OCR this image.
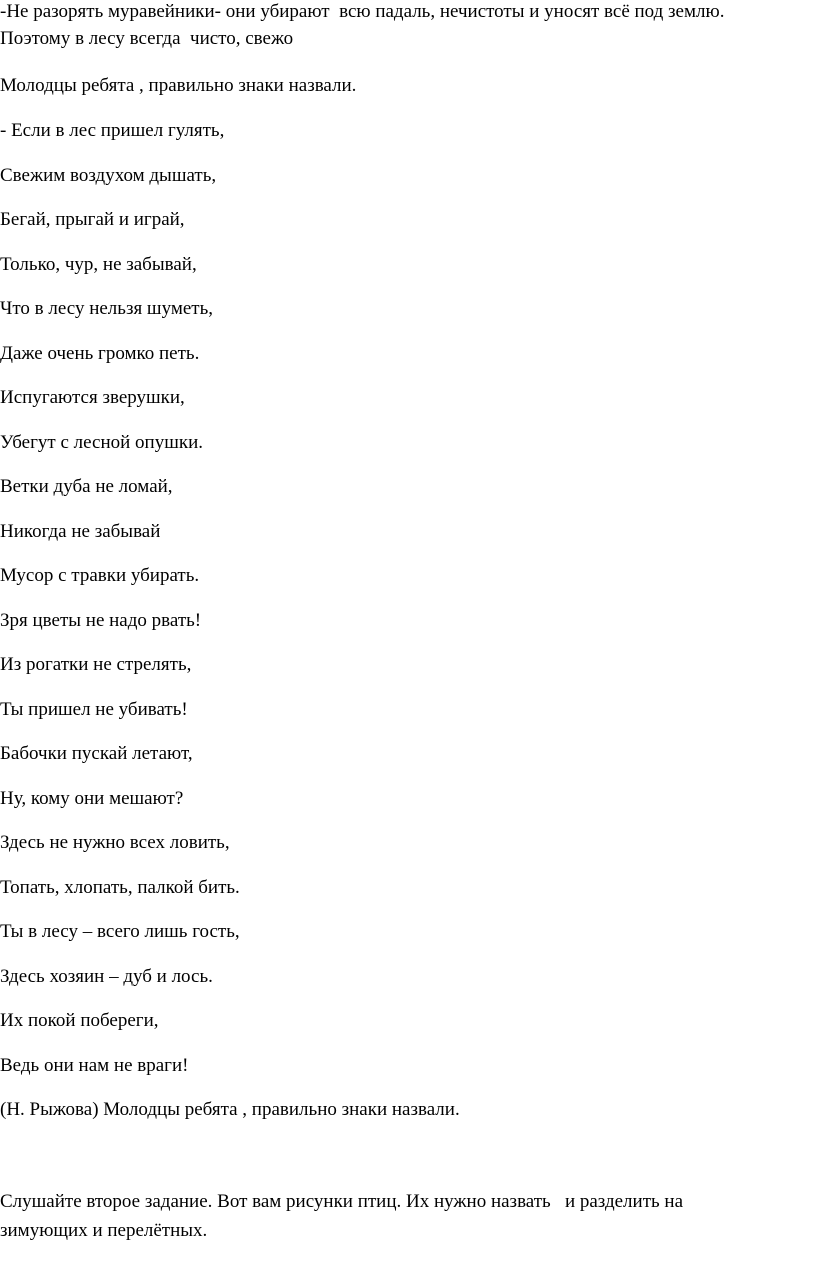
-Не разорять муравейники- они убирают  всю падаль, нечистоты и уносят всё под землю.

Поэтому в лесу всегда  чисто, свежо

Молодцы ребята , правильно знаки назвали.

- Если в лес пришел гулять,

Свежим воздухом дышать,

Бегай, прыгай и играй,

Только, чур, не забывай,

Что в лесу нельзя шуметь,

Даже очень громко петь.

Испугаются зверушки,

Убегут с лесной опушки.

Ветки дуба не ломай,

Никогда не забывай

Мусор с травки убирать.

Зря цветы не надо рвать!

Из рогатки не стрелять,

Ты пришел не убивать!

Бабочки пускай летают,

Ну, кому они мешают?

Здесь не нужно всех ловить,

Топать, хлопать, палкой бить.

Ты в лесу – всего лишь гость,

Здесь хозяин – дуб и лось.

Их покой побереги,

Ведь они нам не враги!

(Н. Рыжова) Молодцы ребята , правильно знаки назвали.

Слушайте второе задание. Вот вам рисунки птиц. Их нужно назвать   и разделить на

зимующих и перелётных.
